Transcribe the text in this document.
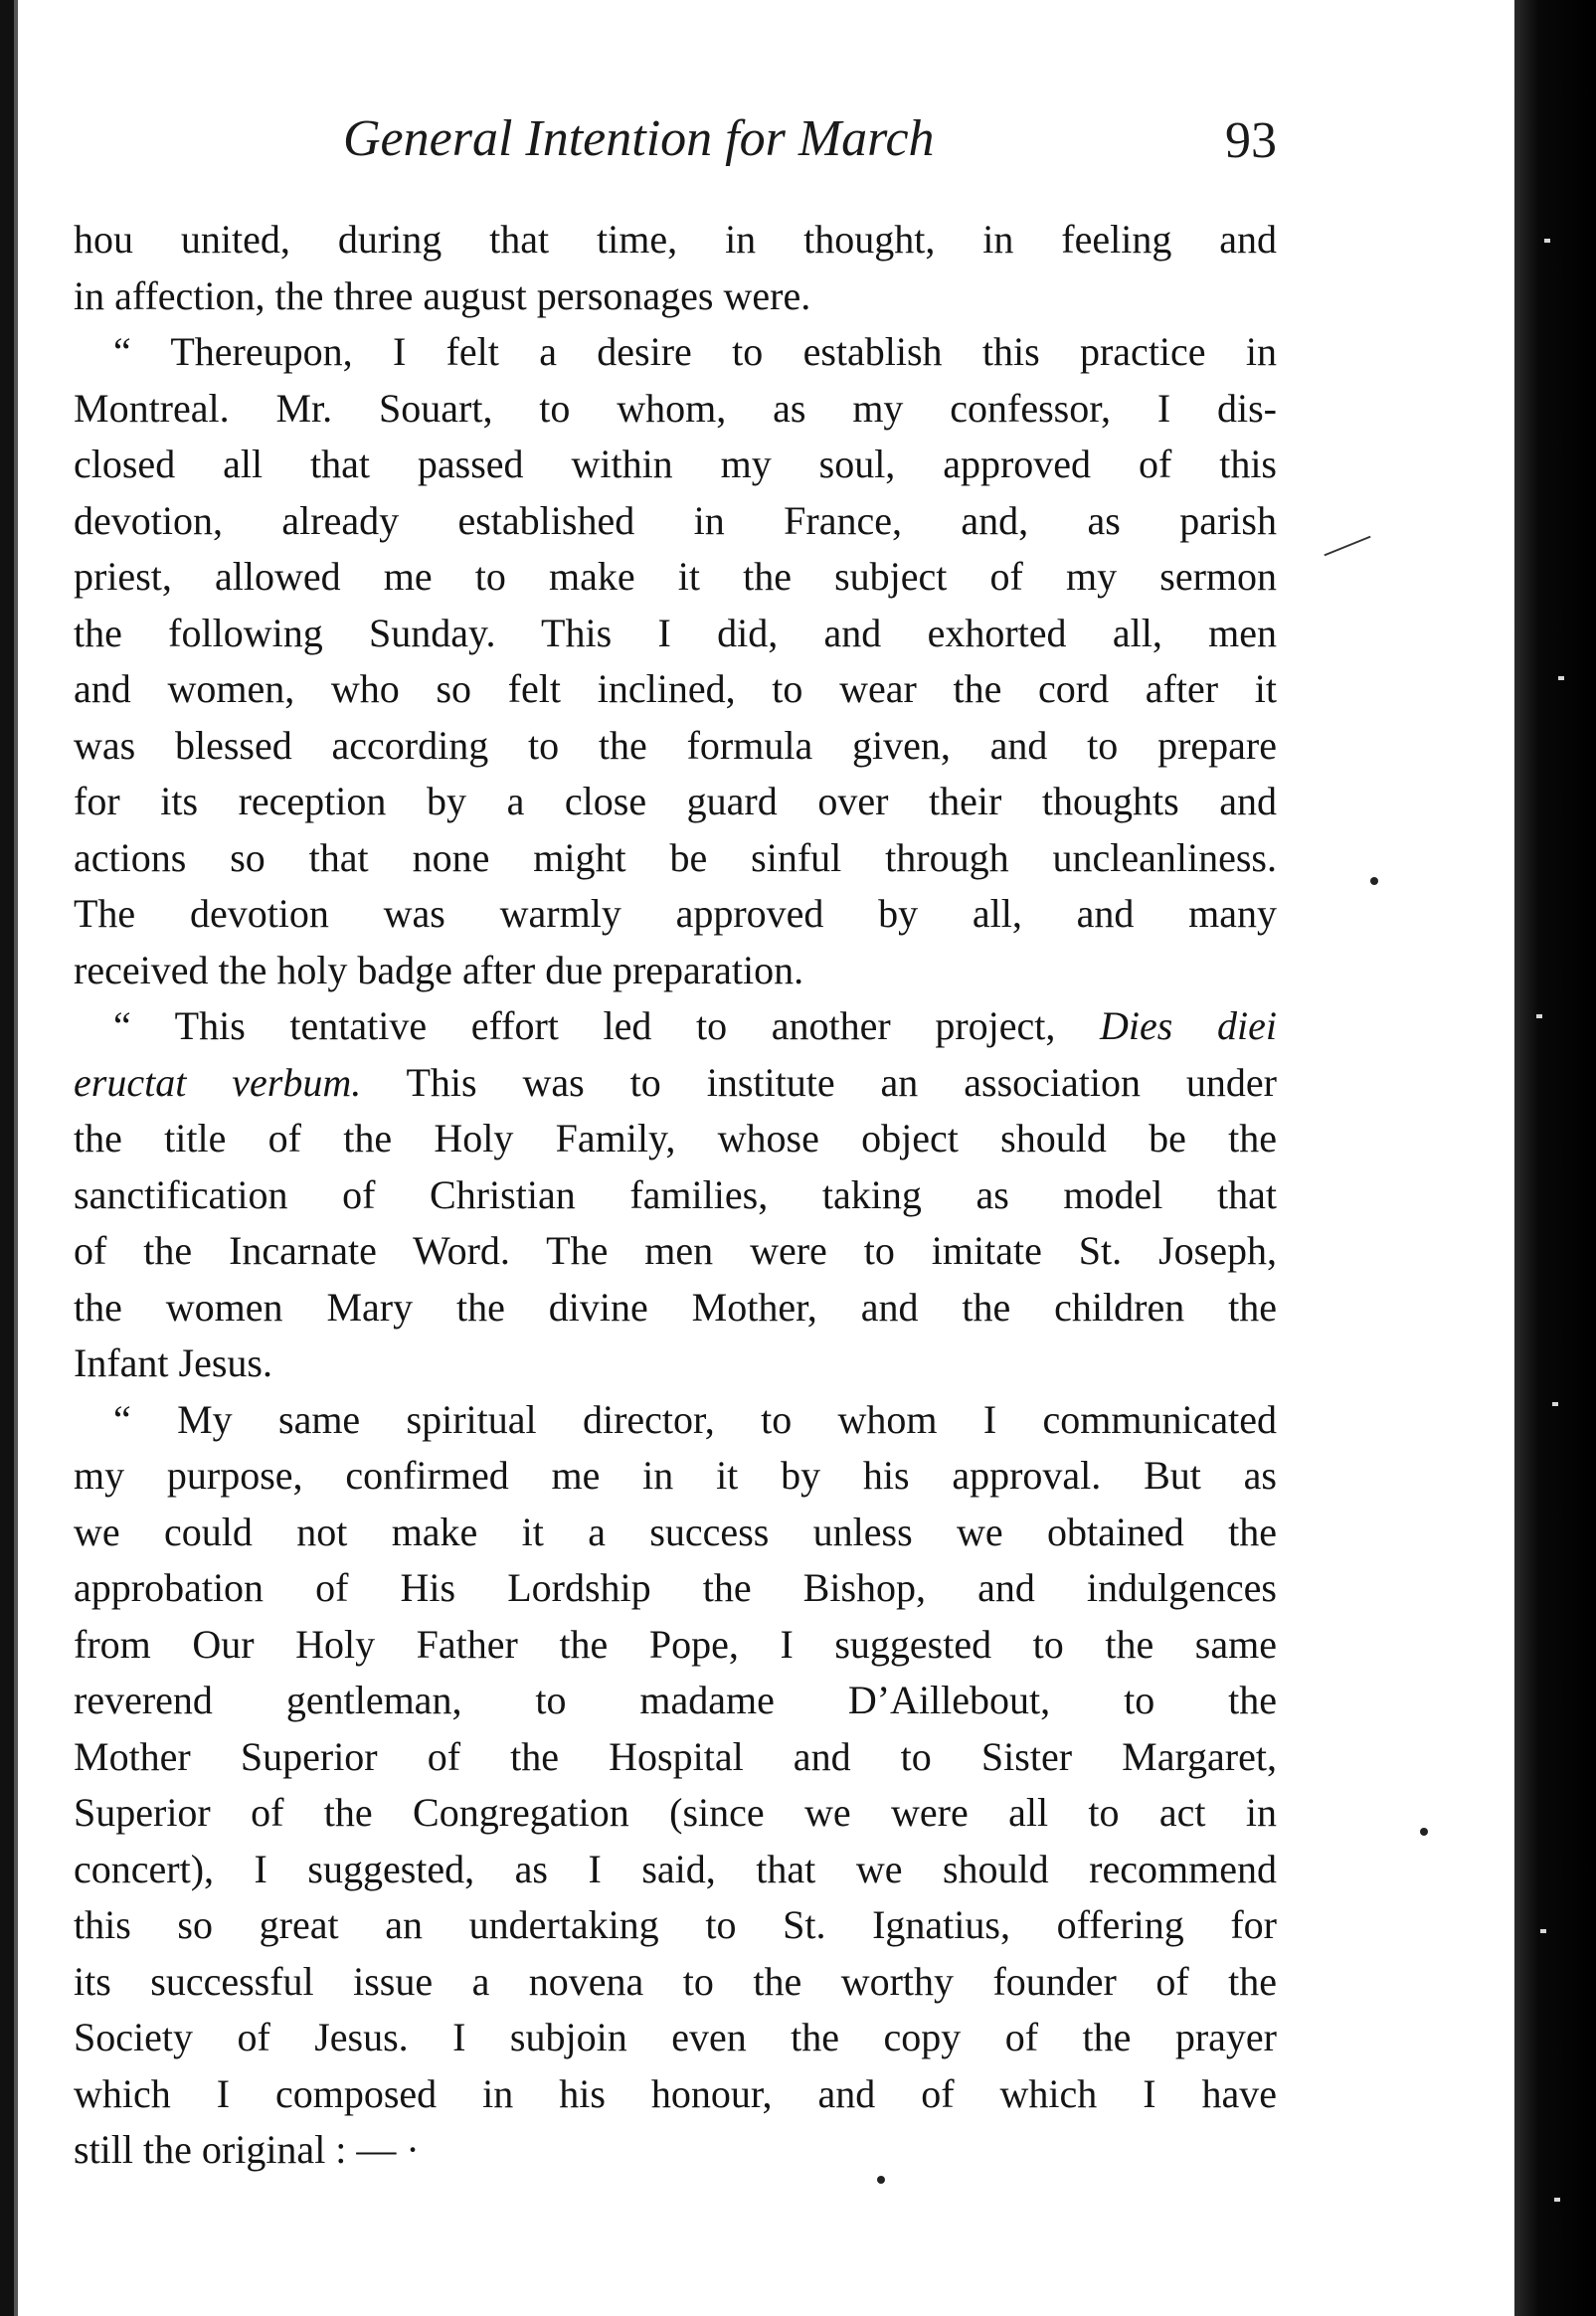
General Intention for March	93
hou united, during that time, in thought, in feeling and
in affection, the three august personages were.
“ Thereupon, I felt a desire to establish this practice in
Montreal. Mr. Souart, to whom, as my confessor, I dis-
closed all that passed within my soul, approved of this
devotion, already established in France, and, as parish
priest, allowed me to make it the subject of my sermon
the following Sunday. This I did, and exhorted all, men
and women, who so felt inclined, to wear the cord after it
was blessed according to the formula given, and to prepare
for its reception by a close guard over their thoughts and
actions so that none might be sinful through uncleanliness.
The devotion was warmly approved by all, and many
received the holy badge after due preparation.
“ This tentative effort led to another project, Dies diei
eructat verbum. This was to institute an association under
the title of the Holy Family, whose object should be the
sanctification of Christian families, taking as model that
of the Incarnate Word. The men were to imitate St. Joseph,
the women Mary the divine Mother, and the children the
Infant Jesus.
“ My same spiritual director, to whom I communicated
my purpose, confirmed me in it by his approval. But as
we could not make it a success unless we obtained the
approbation of His Lordship the Bishop, and indulgences
from Our Holy Father the Pope, I suggested to the same
reverend gentleman, to madame D’Aillebout, to the
Mother Superior of the Hospital and to Sister Margaret,
Superior of the Congregation (since we were all to act in
concert), I suggested, as I said, that we should recommend
this so great an undertaking to St. Ignatius, offering for
its successful issue a novena to the worthy founder of the
Society of Jesus. I subjoin even the copy of the prayer
which I composed in his honour, and of which I have
still the original : — ·
